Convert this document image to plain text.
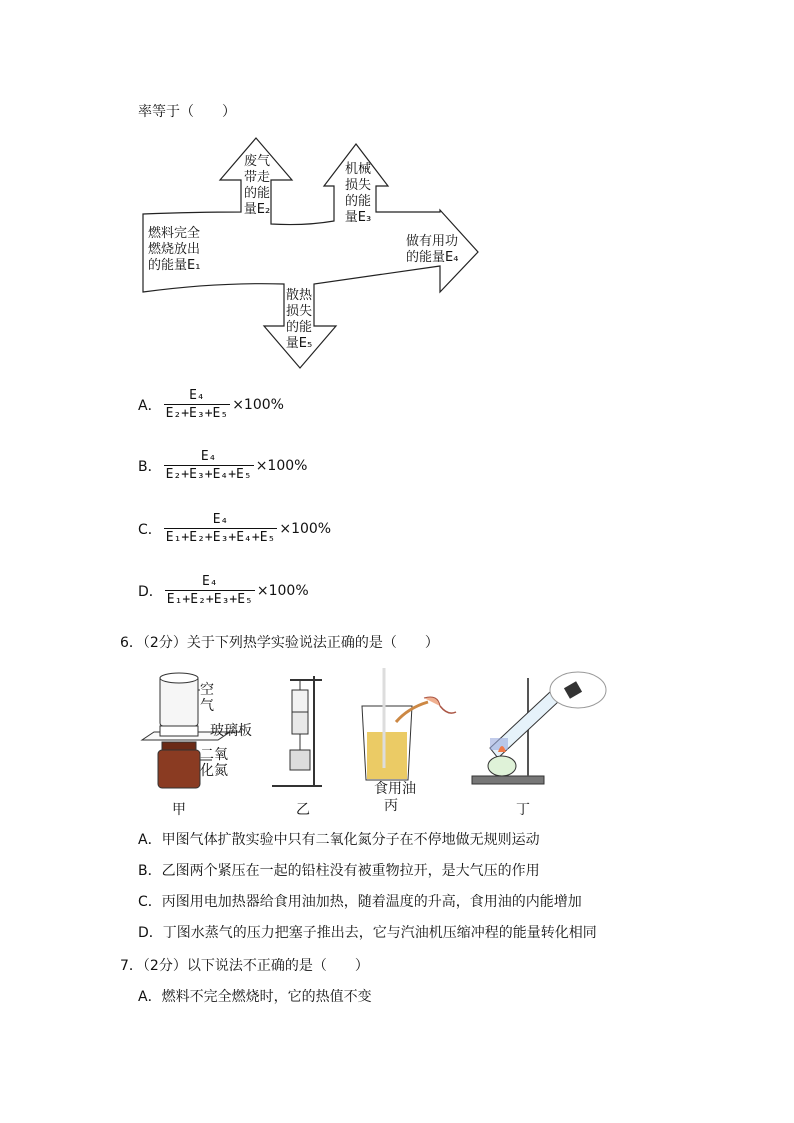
率等于（　　）
废气
带走
的能
量E₂
机械
损失
的能
量E₃
燃料完全
燃烧放出
的能量E₁
做有用功
的能量E₄
散热
损失
的能
量E₅
A． $\frac{\text{E₄}}{\text{E₂+E₃+E₅}} \times 100\%$
B． $\frac{\text{E₄}}{\text{E₂+E₃+E₄+E₅}} \times 100\%$
C． $\frac{\text{E₄}}{\text{E₁+E₂+E₃+E₄+E₅}} \times 100\%$
D． $\frac{\text{E₄}}{\text{E₁+E₂+E₃+E₅}} \times 100\%$
6．（2分）关于下列热学实验说法正确的是（　　）
空
气
玻璃板
二氧
化氮
食用油
甲	乙	丙	丁
A．甲图气体扩散实验中只有二氧化氮分子在不停地做无规则运动
B．乙图两个紧压在一起的铅柱没有被重物拉开，是大气压的作用
C．丙图用电加热器给食用油加热，随着温度的升高，食用油的内能增加
D．丁图水蒸气的压力把塞子推出去，它与汽油机压缩冲程的能量转化相同
7．（2分）以下说法不正确的是（　　）
A．燃料不完全燃烧时，它的热值不变
